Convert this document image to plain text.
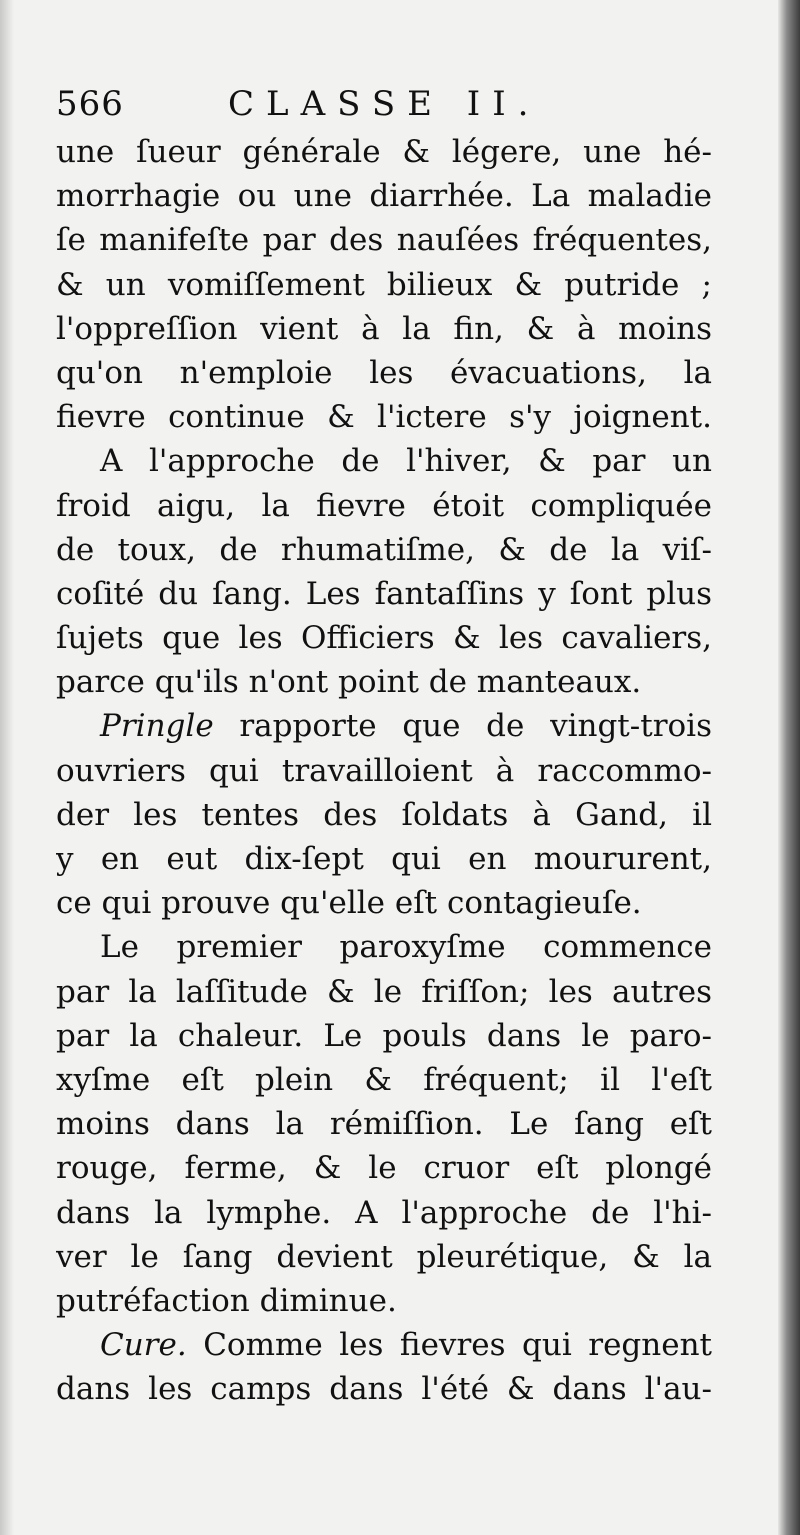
566	CLASSE II.
une ſueur générale & légere, une hé-
morrhagie ou une diarrhée. La maladie
ſe manifeſte par des nauſées fréquentes,
& un vomiſſement bilieux & putride ;
l'oppreſſion vient à la fin, & à moins
qu'on n'emploie les évacuations, la
fievre continue & l'ictere s'y joignent.
A l'approche de l'hiver, & par un
froid aigu, la fievre étoit compliquée
de toux, de rhumatiſme, & de la viſ-
coſité du ſang. Les fantaſſins y ſont plus
ſujets que les Officiers & les cavaliers,
parce qu'ils n'ont point de manteaux.
Pringle rapporte que de vingt-trois
ouvriers qui travailloient à raccommo-
der les tentes des ſoldats à Gand, il
y en eut dix-ſept qui en moururent,
ce qui prouve qu'elle eſt contagieuſe.
Le premier paroxyſme commence
par la laſſitude & le friſſon; les autres
par la chaleur. Le pouls dans le paro-
xyſme eſt plein & fréquent; il l'eſt
moins dans la rémiſſion. Le ſang eſt
rouge, ferme, & le cruor eſt plongé
dans la lymphe. A l'approche de l'hi-
ver le ſang devient pleurétique, & la
putréfaction diminue.
Cure. Comme les fievres qui regnent
dans les camps dans l'été & dans l'au-
